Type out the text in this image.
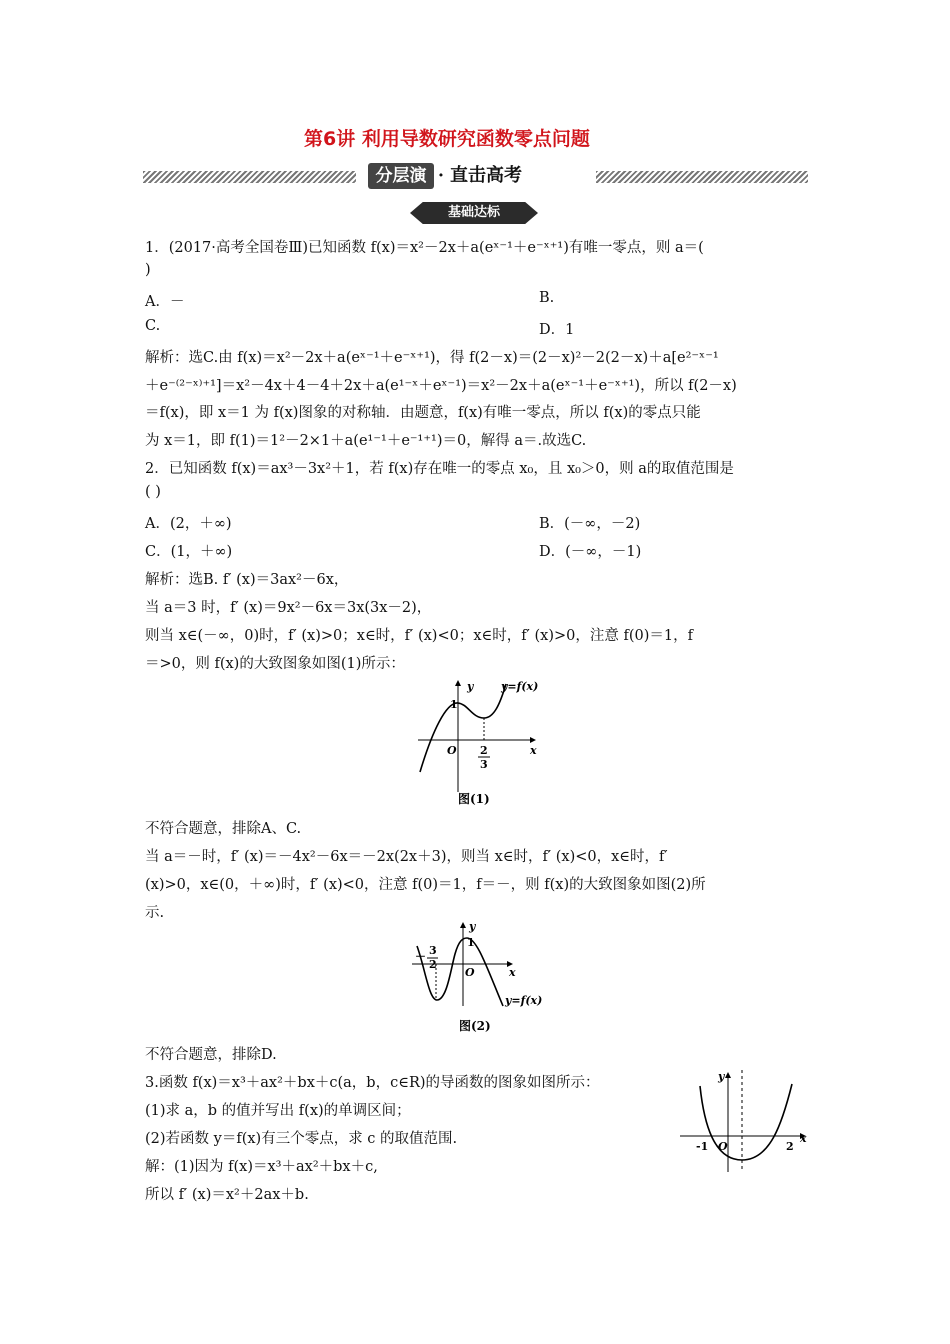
第6讲 利用导数研究函数零点问题
分层演练
· 直击高考
基础达标
1．(2017·高考全国卷Ⅲ)已知函数 f(x)＝x²－2x＋a(eˣ⁻¹＋e⁻ˣ⁺¹)有唯一零点，则 a＝(
)
A．－	B.
C.	D．1
解析：选C.由 f(x)＝x²－2x＋a(eˣ⁻¹＋e⁻ˣ⁺¹)，得 f(2－x)＝(2－x)²－2(2－x)＋a[e²⁻ˣ⁻¹
＋e⁻⁽²⁻ˣ⁾⁺¹]＝x²－4x＋4－4＋2x＋a(e¹⁻ˣ＋eˣ⁻¹)＝x²－2x＋a(eˣ⁻¹＋e⁻ˣ⁺¹)，所以 f(2－x)
＝f(x)，即 x＝1 为 f(x)图象的对称轴．由题意，f(x)有唯一零点，所以 f(x)的零点只能
为 x＝1，即 f(1)＝1²－2×1＋a(e¹⁻¹＋e⁻¹⁺¹)＝0，解得 a＝.故选C.
2．已知函数 f(x)＝ax³－3x²＋1，若 f(x)存在唯一的零点 x₀，且 x₀＞0，则 a的取值范围是
( )
A．(2，＋∞)	B．(－∞，－2)
C．(1，＋∞)	D．(－∞，－1)
解析：选B. f′ (x)＝3ax²－6x，
当 a＝3 时，f′ (x)＝9x²－6x＝3x(3x－2)，
则当 x∈(－∞，0)时，f′ (x)>0；x∈时，f′ (x)<0；x∈时，f′ (x)>0，注意 f(0)＝1，f
＝>0，则 f(x)的大致图象如图(1)所示：
y
x
y=f(x)
1
O 2
3
图(1)
不符合题意，排除A、C.
当 a＝－时，f′ (x)＝－4x²－6x＝－2x(2x＋3)，则当 x∈时，f′ (x)<0，x∈时，f′
(x)>0，x∈(0，＋∞)时，f′ (x)<0，注意 f(0)＝1，f＝－，则 f(x)的大致图象如图(2)所
示.
y
x
y=f(x)
1
O
－ 3
2
图(2)
不符合题意，排除D.
3.函数 f(x)＝x³＋ax²＋bx＋c(a，b，c∈R)的导函数的图象如图所示：
(1)求 a，b 的值并写出 f(x)的单调区间；
(2)若函数 y＝f(x)有三个零点，求 c 的取值范围.
解：(1)因为 f(x)＝x³＋ax²＋bx＋c,
所以 f′ (x)＝x²＋2ax＋b.
y
x
O
-1	2
